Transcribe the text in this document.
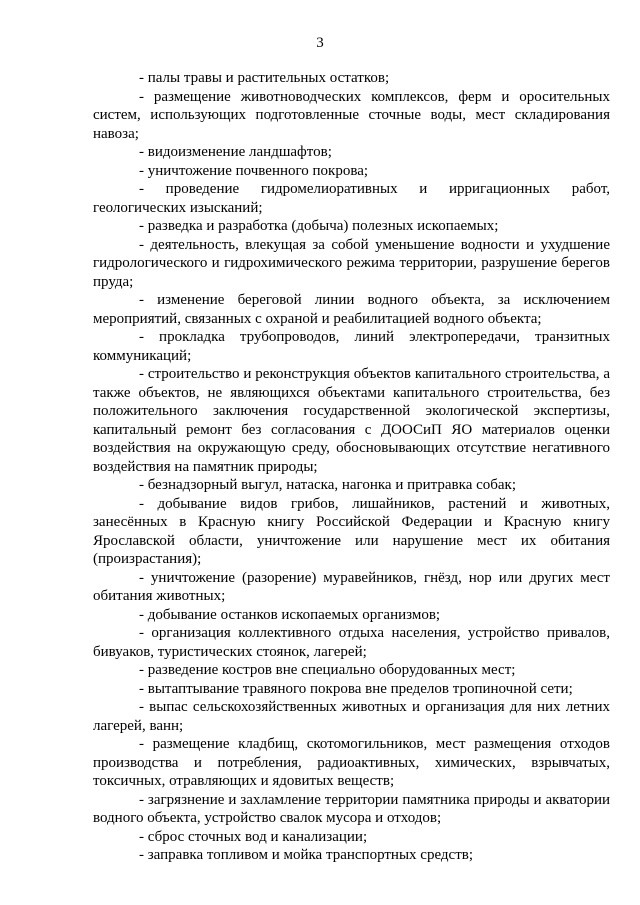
3

- палы травы и растительных остатков;

- размещение животноводческих комплексов, ферм и оросительных систем, использующих подготовленные сточные воды, мест складирования навоза;

- видоизменение ландшафтов;

- уничтожение почвенного покрова;

- проведение гидромелиоративных и ирригационных работ, геологических изысканий;

- разведка и разработка (добыча) полезных ископаемых;

- деятельность, влекущая за собой уменьшение водности и ухудшение гидрологического и гидрохимического режима территории, разрушение берегов пруда;

- изменение береговой линии водного объекта, за исключением мероприятий, связанных с охраной и реабилитацией водного объекта;

- прокладка трубопроводов, линий электропередачи, транзитных коммуникаций;

- строительство и реконструкция объектов капитального строительства, а также объектов, не являющихся объектами капитального строительства, без положительного заключения государственной экологической экспертизы, капитальный ремонт без согласования с ДООСиП ЯО материалов оценки воздействия на окружающую среду, обосновывающих отсутствие негативного воздействия на памятник природы;

- безнадзорный выгул, натаска, нагонка и притравка собак;

- добывание видов грибов, лишайников, растений и животных, занесённых в Красную книгу Российской Федерации и Красную книгу Ярославской области, уничтожение или нарушение мест их обитания (произрастания);

- уничтожение (разорение) муравейников, гнёзд, нор или других мест обитания животных;

- добывание останков ископаемых организмов;

- организация коллективного отдыха населения, устройство привалов, бивуаков, туристических стоянок, лагерей;

- разведение костров вне специально оборудованных мест;

- вытаптывание травяного покрова вне пределов тропиночной сети;

- выпас сельскохозяйственных животных и организация для них летних лагерей, ванн;

- размещение кладбищ, скотомогильников, мест размещения отходов производства и потребления, радиоактивных, химических, взрывчатых, токсичных, отравляющих и ядовитых веществ;

- загрязнение и захламление территории памятника природы и акватории водного объекта, устройство свалок мусора и отходов;

- сброс сточных вод и канализации;

- заправка топливом и мойка транспортных средств;
